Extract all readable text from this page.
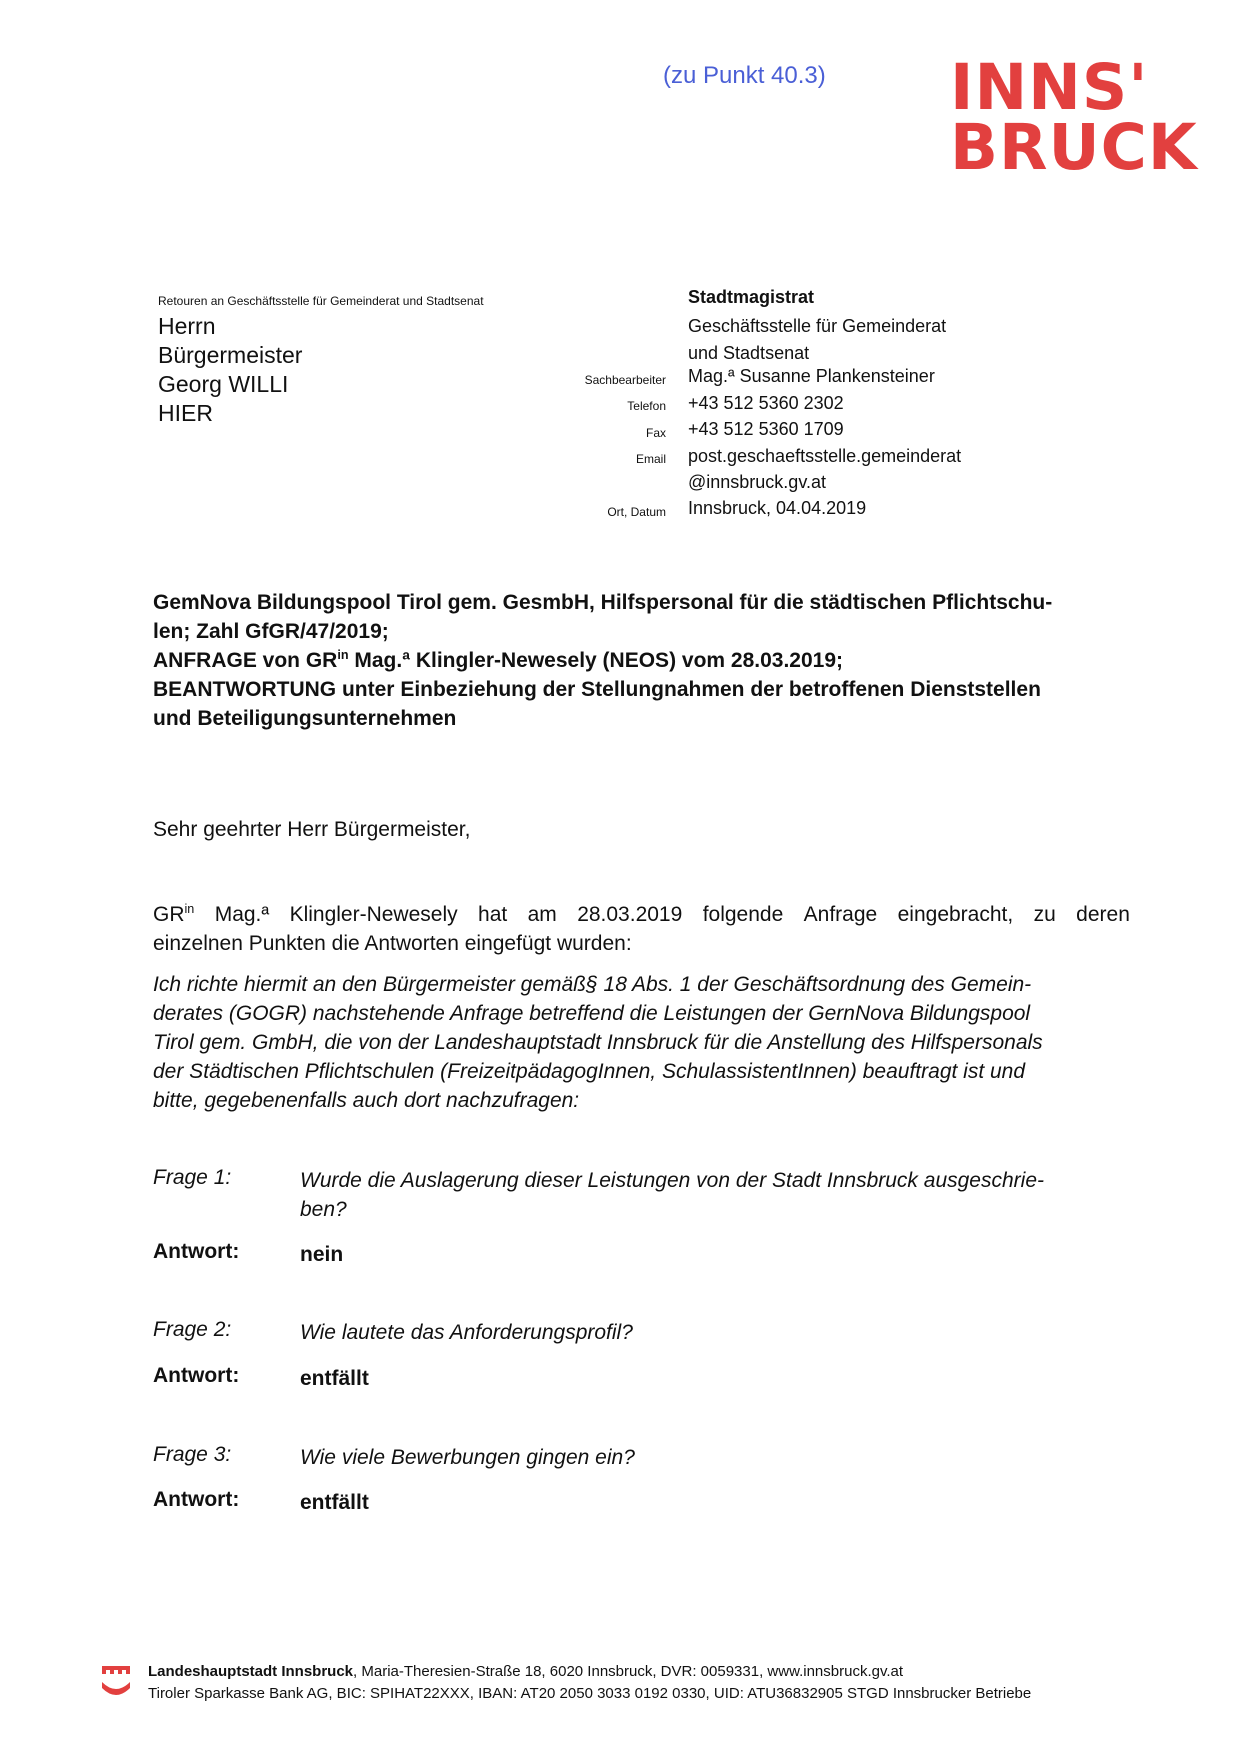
(zu Punkt 40.3) INNS'
BRUCK
Retouren an Geschäftsstelle für Gemeinderat und Stadtsenat
Herrn
Bürgermeister
Georg WILLI
HIER
Stadtmagistrat
Geschäftsstelle für Gemeinderat
und Stadtsenat
Sachbearbeiter Mag.ª Susanne Plankensteiner
Telefon +43 512 5360 2302
Fax +43 512 5360 1709
Email post.geschaeftsstelle.gemeinderat
@innsbruck.gv.at
Ort, Datum Innsbruck, 04.04.2019
GemNova Bildungspool Tirol gem. GesmbH, Hilfspersonal für die städtischen Pflichtschu-
len; Zahl GfGR/47/2019;
ANFRAGE von $GR^{in}$ Mag.ª Klingler-Newesely (NEOS) vom 28.03.2019;
BEANTWORTUNG unter Einbeziehung der Stellungnahmen der betroffenen Dienststellen
und Beteiligungsunternehmen
Sehr geehrter Herr Bürgermeister,
$GR^{in}$ Mag.ª Klingler-Newesely hat am 28.03.2019 folgende Anfrage eingebracht, zu deren
einzelnen Punkten die Antworten eingefügt wurden:
Ich richte hiermit an den Bürgermeister gemäß§ 18 Abs. 1 der Geschäftsordnung des Gemein-
derates (GOGR) nachstehende Anfrage betreffend die Leistungen der GernNova Bildungspool
Tirol gem. GmbH, die von der Landeshauptstadt Innsbruck für die Anstellung des Hilfspersonals
der Städtischen Pflichtschulen (FreizeitpädagogInnen, SchulassistentInnen) beauftragt ist und
bitte, gegebenenfalls auch dort nachzufragen:
Frage 1:	Wurde die Auslagerung dieser Leistungen von der Stadt Innsbruck ausgeschrie-
ben?
Antwort:	nein
Frage 2:	Wie lautete das Anforderungsprofil?
Antwort:	entfällt
Frage 3:	Wie viele Bewerbungen gingen ein?
Antwort:	entfällt
Landeshauptstadt Innsbruck, Maria-Theresien-Straße 18, 6020 Innsbruck, DVR: 0059331, www.innsbruck.gv.at
Tiroler Sparkasse Bank AG, BIC: SPIHAT22XXX, IBAN: AT20 2050 3033 0192 0330, UID: ATU36832905 STGD Innsbrucker Betriebe
